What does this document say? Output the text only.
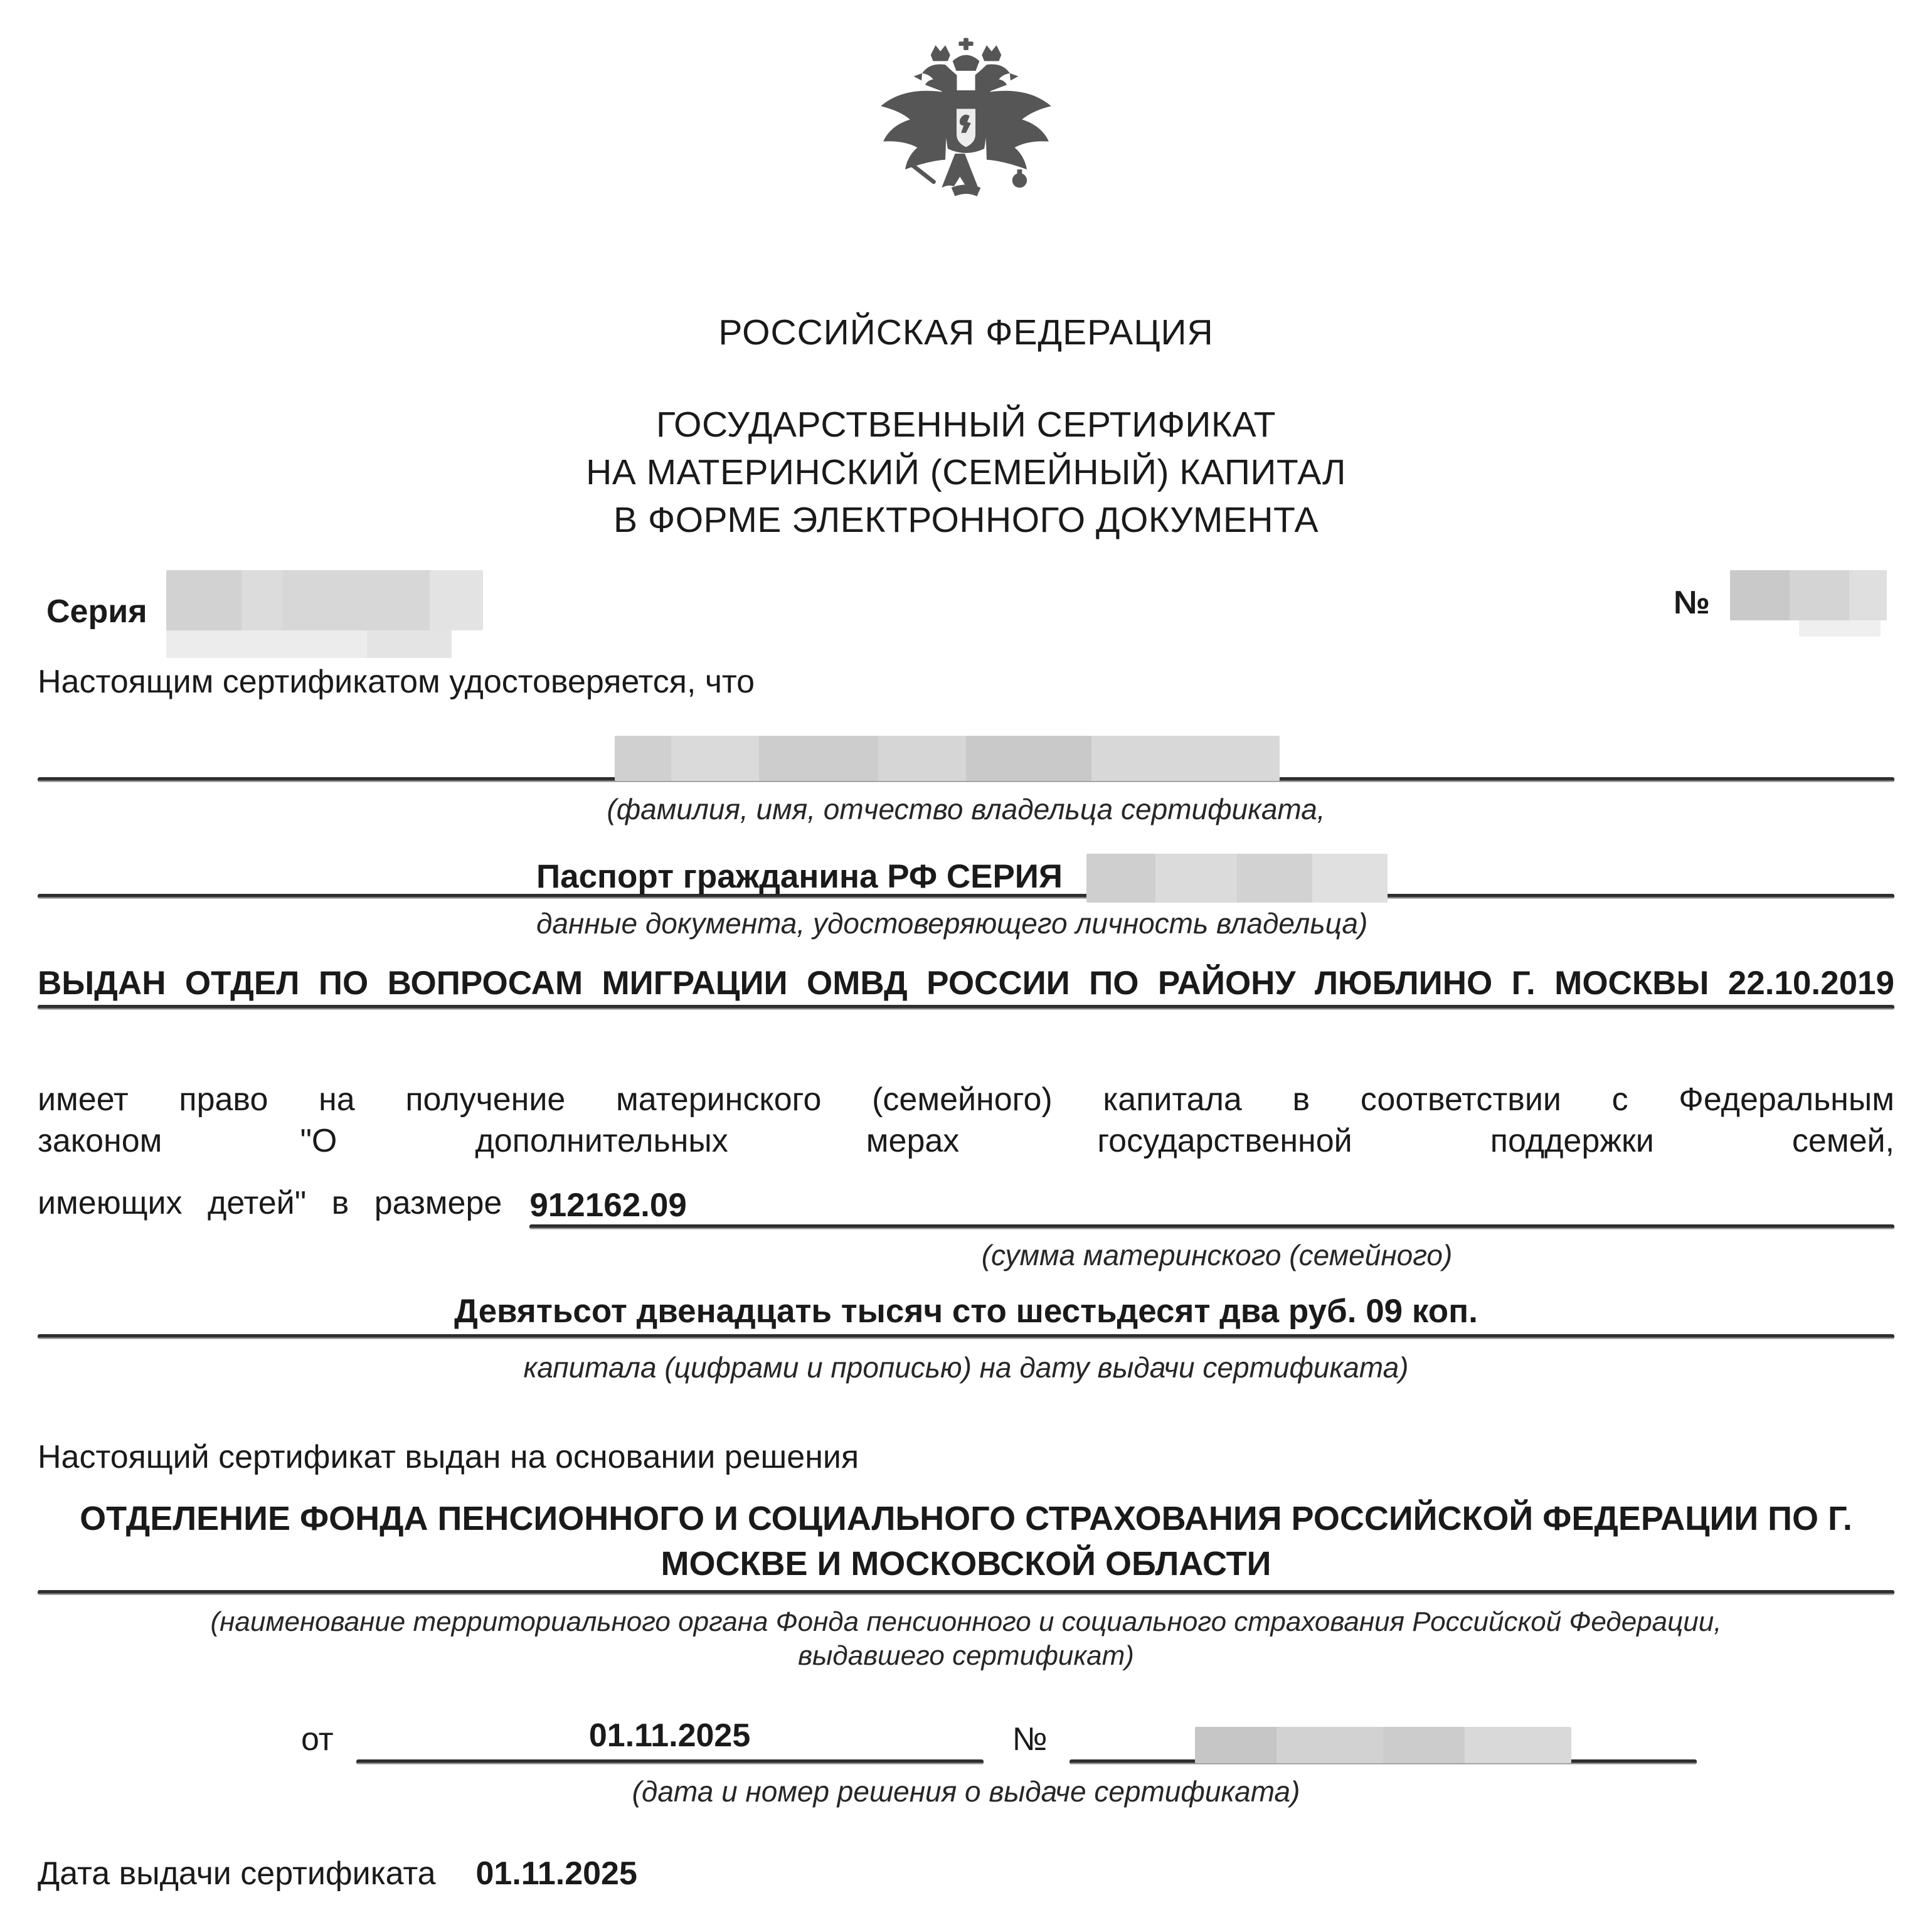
РОССИЙСКАЯ ФЕДЕРАЦИЯ
ГОСУДАРСТВЕННЫЙ СЕРТИФИКАТ
НА МАТЕРИНСКИЙ (СЕМЕЙНЫЙ) КАПИТАЛ
В ФОРМЕ ЭЛЕКТРОННОГО ДОКУМЕНТА
Серия	№
Настоящим сертификатом удостоверяется, что
(фамилия, имя, отчество владельца сертификата,
Паспорт гражданина РФ СЕРИЯ
данные документа, удостоверяющего личность владельца)
ВЫДАН ОТДЕЛ ПО ВОПРОСАМ МИГРАЦИИ ОМВД РОССИИ ПО РАЙОНУ ЛЮБЛИНО Г. МОСКВЫ 22.10.2019
имеет право на получение материнского (семейного) капитала в соответствии с Федеральным
законом "О дополнительных мерах государственной поддержки семей,
имеющих детей" в размере 912162.09
(сумма материнского (семейного)
Девятьсот двенадцать тысяч сто шестьдесят два руб. 09 коп.
капитала (цифрами и прописью) на дату выдачи сертификата)
Настоящий сертификат выдан на основании решения
ОТДЕЛЕНИЕ ФОНДА ПЕНСИОННОГО И СОЦИАЛЬНОГО СТРАХОВАНИЯ РОССИЙСКОЙ ФЕДЕРАЦИИ ПО Г.
МОСКВЕ И МОСКОВСКОЙ ОБЛАСТИ
(наименование территориального органа Фонда пенсионного и социального страхования Российской Федерации,
выдавшего сертификат)
от	01.11.2025	№
(дата и номер решения о выдаче сертификата)
Дата выдачи сертификата 01.11.2025
